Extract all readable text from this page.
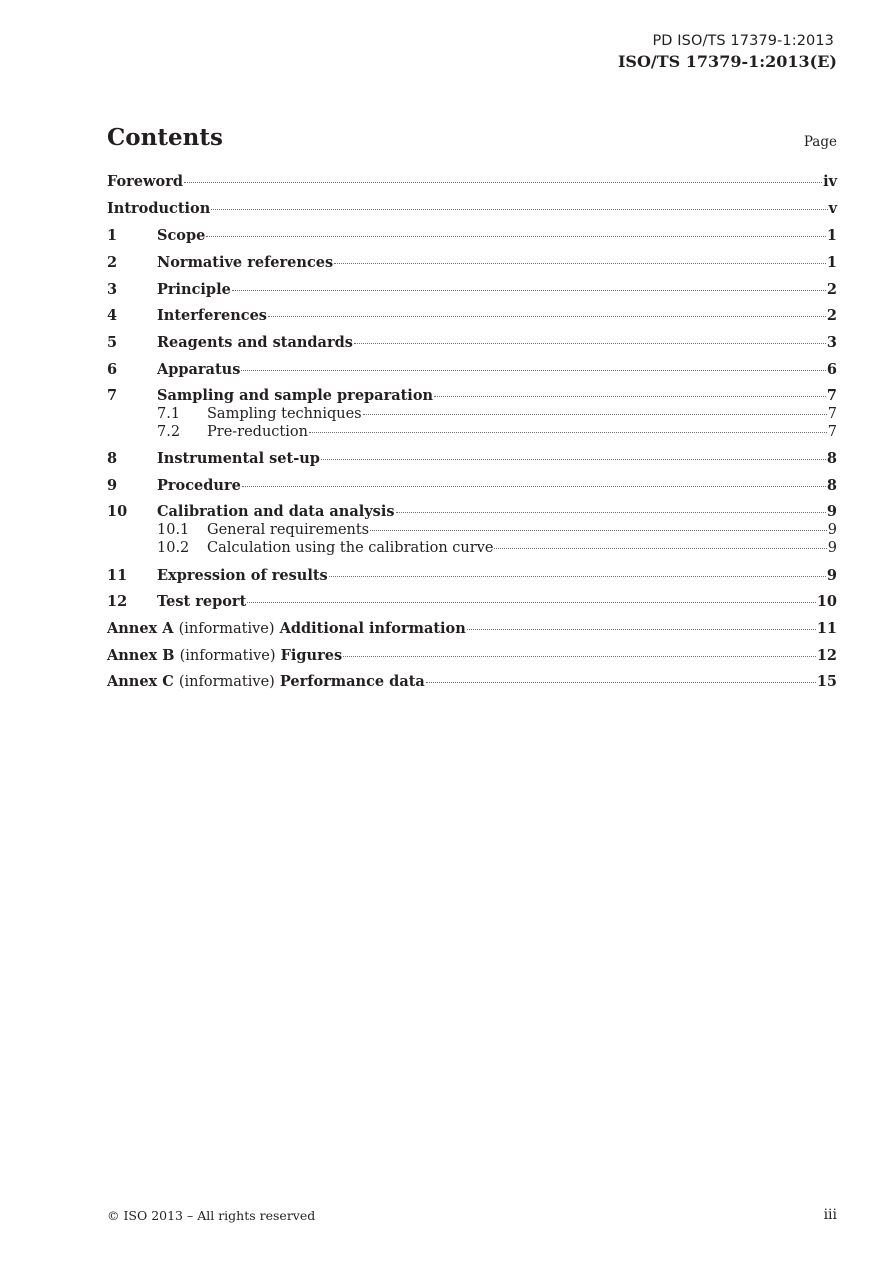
PD ISO/TS 17379-1:2013
ISO/TS 17379-1:2013(E)
Contents	Page
Foreword	iv
Introduction	v
1	Scope	1
2	Normative references	1
3	Principle	2
4	Interferences	2
5	Reagents and standards	3
6	Apparatus	6
7	Sampling and sample preparation	7
7.1	Sampling techniques	7
7.2	Pre-reduction	7
8	Instrumental set-up	8
9	Procedure	8
10	Calibration and data analysis	9
10.1	General requirements	9
10.2	Calculation using the calibration curve	9
11	Expression of results	9
12	Test report	10
Annex A (informative) Additional information	11
Annex B (informative) Figures	12
Annex C (informative) Performance data	15
© ISO 2013 – All rights reserved	iii
